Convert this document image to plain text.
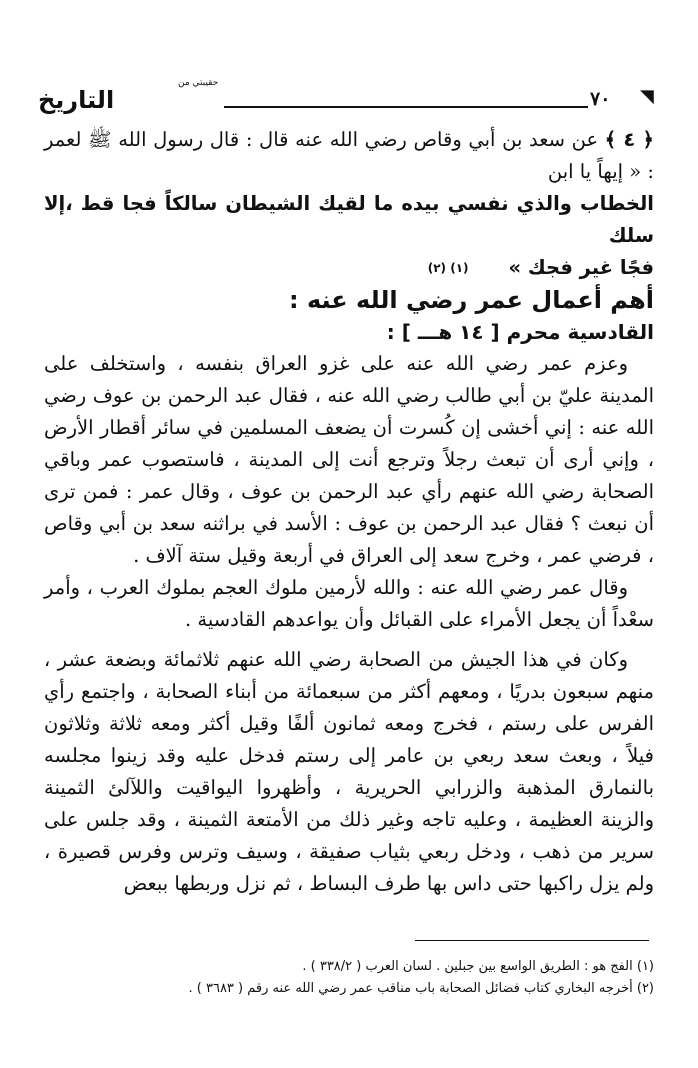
حقيبتي من
التاريخ	٧٠ ◥

﴿ ٤ ﴾ عن سعد بن أبي وقاص رضي الله عنه قال : قال رسول الله ﷺ لعمر : « إيهاً يا ابن

الخطاب والذي نفسي بيده ما لقيك الشيطان سالكاً فجا قط ،إلا سلك

فجًا غير فجك »$^{(١) (٢)}$

أهم أعمال عمر رضي الله عنه :
القادسية محرم [ ١٤ هـــ ] :

وعزم عمر رضي الله عنه على غزو العراق بنفسه ، واستخلف على المدينة عليّ بن أبي طالب رضي الله عنه ، فقال عبد الرحمن بن عوف رضي الله عنه : إني أخشى إن كُسرت أن يضعف المسلمين في سائر أقطار الأرض ، وإني أرى أن تبعث رجلاً وترجع أنت إلى المدينة ، فاستصوب عمر وباقي الصحابة رضي الله عنهم رأي عبد الرحمن بن عوف ، وقال عمر : فمن ترى أن نبعث ؟ فقال عبد الرحمن بن عوف : الأسد في براثنه سعد بن أبي وقاص ، فرضي عمر ، وخرج سعد إلى العراق في أربعة وقيل ستة آلاف .

وقال عمر رضي الله عنه : والله لأرمين ملوك العجم بملوك العرب ، وأمر سعْداً أن يجعل الأمراء على القبائل وأن يواعدهم القادسية .

وكان في هذا الجيش من الصحابة رضي الله عنهم ثلاثمائة وبضعة عشر ، منهم سبعون بدريًا ، ومعهم أكثر من سبعمائة من أبناء الصحابة ، واجتمع رأي الفرس على رستم ، فخرج ومعه ثمانون ألفًا وقيل أكثر ومعه ثلاثة وثلاثون فيلاً ، وبعث سعد ربعي بن عامر إلى رستم فدخل عليه وقد زينوا مجلسه بالنمارق المذهبة والزرابي الحريرية ، وأظهروا اليواقيت واللآلئ الثمينة والزينة العظيمة ، وعليه تاجه وغير ذلك من الأمتعة الثمينة ، وقد جلس على سرير من ذهب ، ودخل ربعي بثياب صفيقة ، وسيف وترس وفرس قصيرة ، ولم يزل راكبها حتى داس بها طرف البساط ، ثم نزل وربطها ببعض

(١) الفج هو : الطريق الواسع بين جبلين . لسان العرب ( ٣٣٨/٢ ) .
(٢) أخرجه البخاري كتاب فضائل الصحابة باب مناقب عمر رضي الله عنه رقم ( ٣٦٨٣ ) .
